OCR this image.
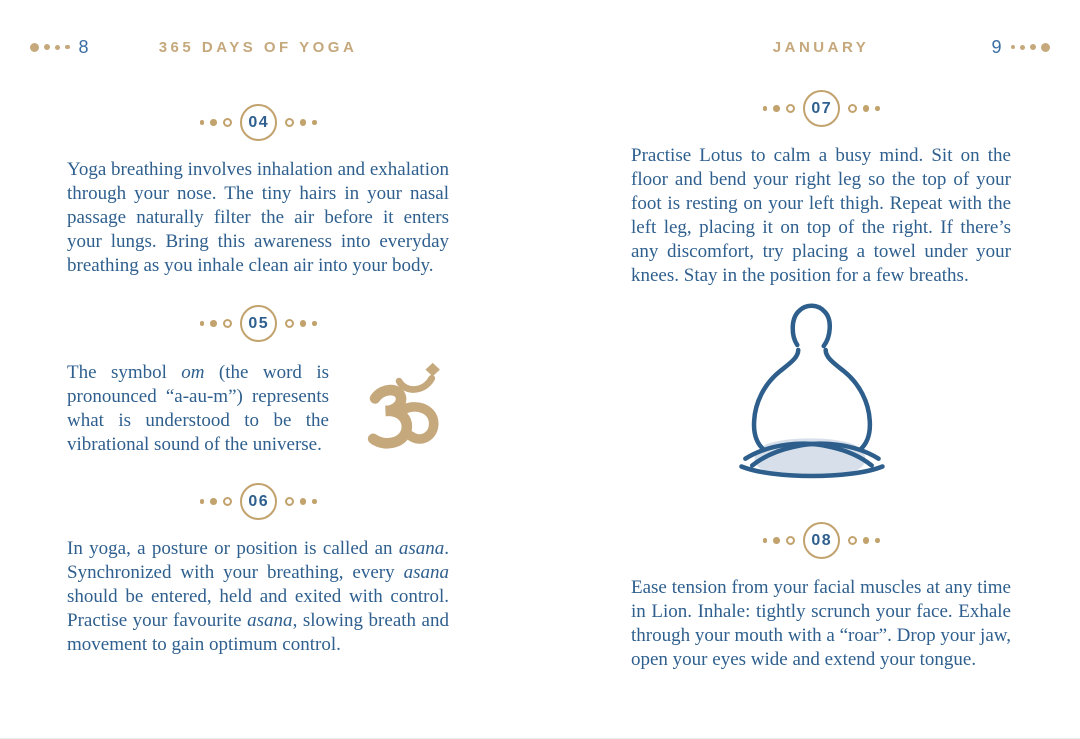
8	365 DAYS OF YOGA
04

Yoga breathing involves inhalation and exhalation through your nose. The tiny hairs in your nasal passage naturally filter the air before it enters your lungs. Bring this awareness into everyday breathing as you inhale clean air into your body.

05

The symbol om (the word is pronounced “a-au-m”) represents what is understood to be the vibrational sound of the universe.

06

In yoga, a posture or position is called an asana. Synchronized with your breathing, every asana should be entered, held and exited with control. Practise your favourite asana, slowing breath and movement to gain optimum control.

JANUARY	9
07

Practise Lotus to calm a busy mind. Sit on the floor and bend your right leg so the top of your foot is resting on your left thigh. Repeat with the left leg, placing it on top of the right. If there’s any discomfort, try placing a towel under your knees. Stay in the position for a few breaths.

08

Ease tension from your facial muscles at any time in Lion. Inhale: tightly scrunch your face. Exhale through your mouth with a “roar”. Drop your jaw, open your eyes wide and extend your tongue.
